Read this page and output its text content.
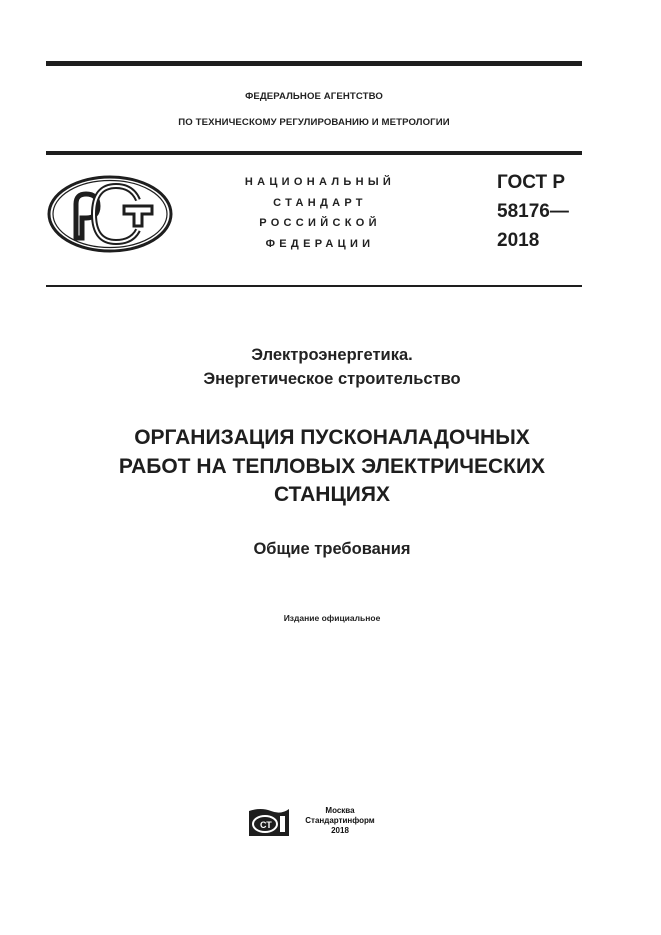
ФЕДЕРАЛЬНОЕ АГЕНТСТВО
ПО ТЕХНИЧЕСКОМУ РЕГУЛИРОВАНИЮ И МЕТРОЛОГИИ
НАЦИОНАЛЬНЫЙ
СТАНДАРТ
РОССИЙСКОЙ
ФЕДЕРАЦИИ
ГОСТ Р
58176—
2018
Электроэнергетика.
Энергетическое строительство
ОРГАНИЗАЦИЯ ПУСКОНАЛАДОЧНЫХ
РАБОТ НА ТЕПЛОВЫХ ЭЛЕКТРИЧЕСКИХ
СТАНЦИЯХ
Общие требования
Издание официальное
СТ
Москва
Стандартинформ
2018
